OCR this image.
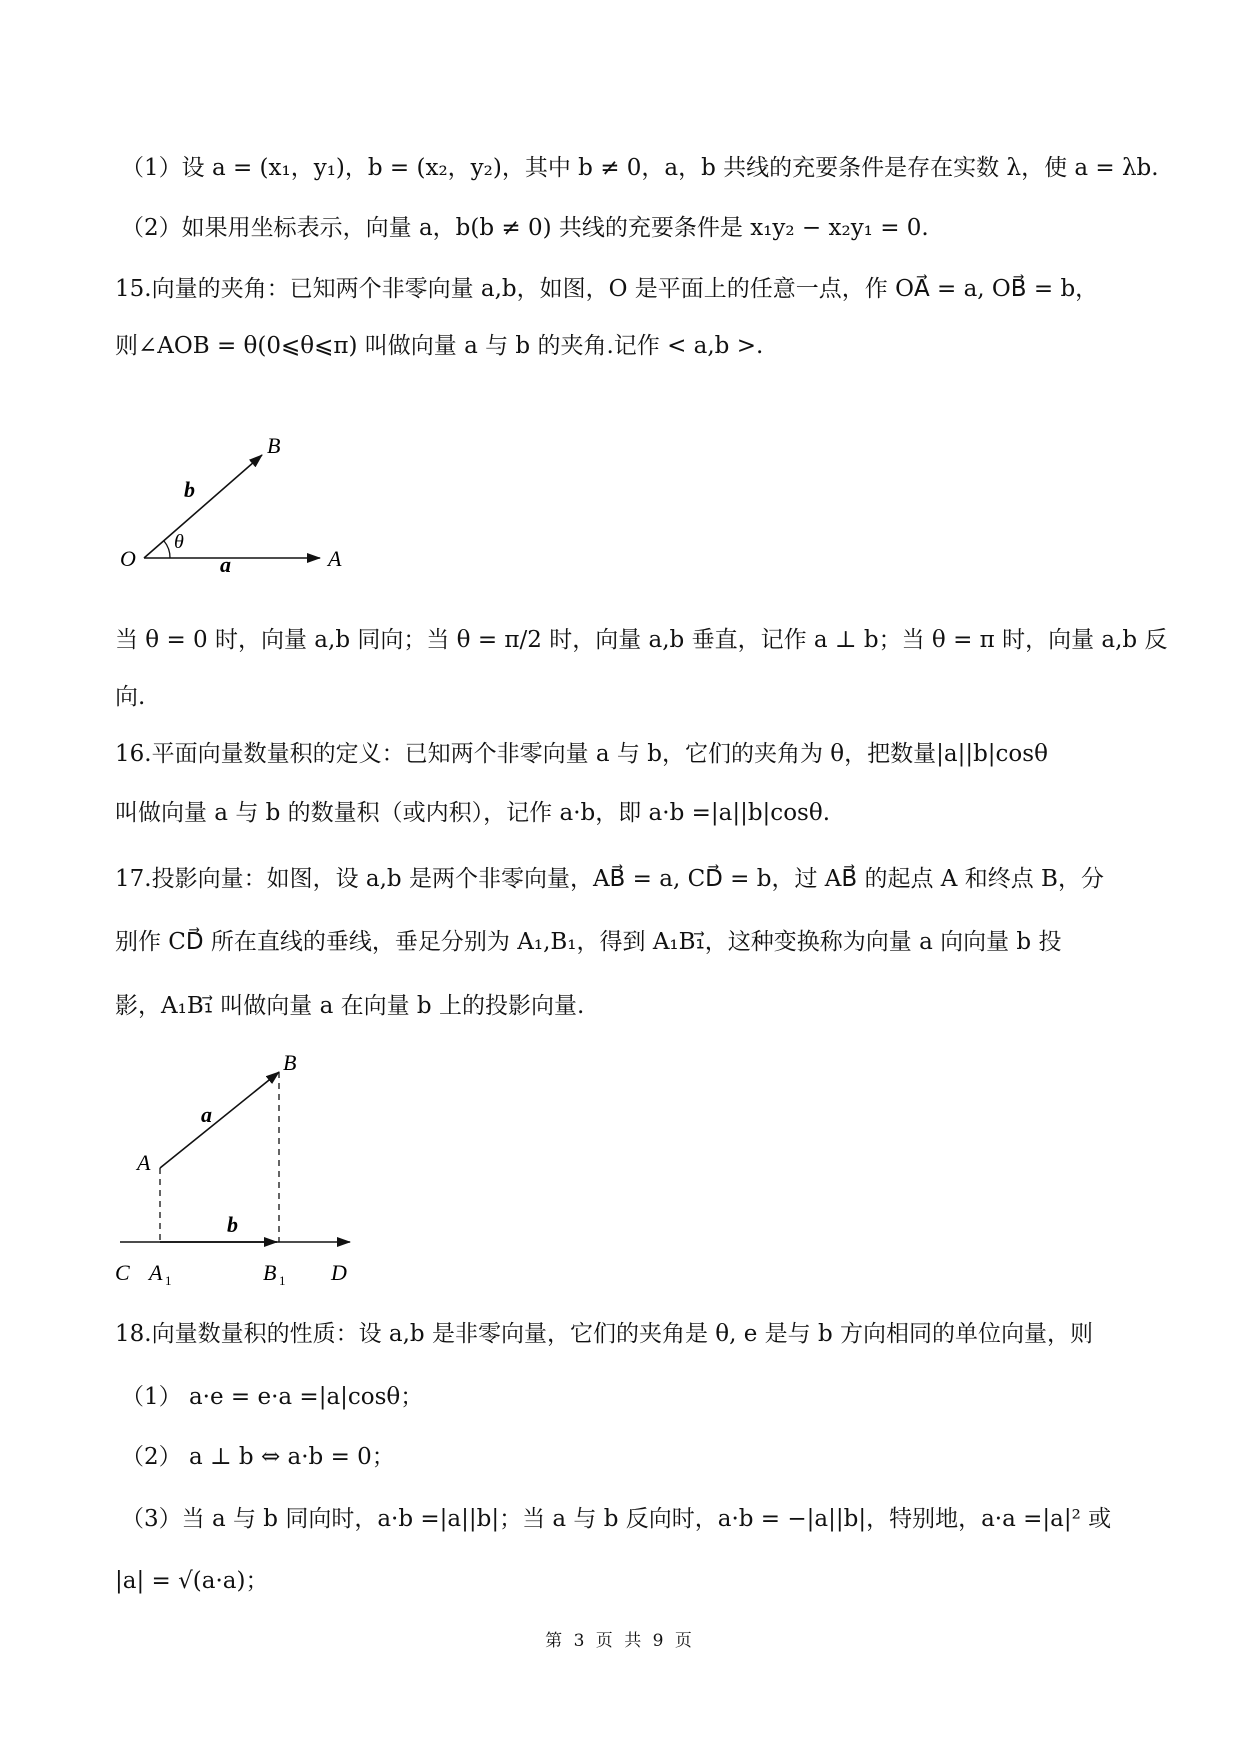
（1）设 a = (x₁，y₁)，b = (x₂，y₂)，其中 b ≠ 0，a，b 共线的充要条件是存在实数 λ，使 a = λb.
（2）如果用坐标表示，向量 a，b(b ≠ 0) 共线的充要条件是 x₁y₂ − x₂y₁ = 0.
15.向量的夹角：已知两个非零向量 a,b，如图，O 是平面上的任意一点，作 OA⃗ = a, OB⃗ = b，
则∠AOB = θ(0⩽θ⩽π) 叫做向量 a 与 b 的夹角.记作 < a,b >.
O	A
B
a
b
θ
当 θ = 0 时，向量 a,b 同向；当 θ = π/2 时，向量 a,b 垂直，记作 a ⊥ b；当 θ = π 时，向量 a,b 反
向.
16.平面向量数量积的定义：已知两个非零向量 a 与 b，它们的夹角为 θ，把数量|a||b|cosθ
叫做向量 a 与 b 的数量积（或内积），记作 a·b，即 a·b =|a||b|cosθ.
17.投影向量：如图，设 a,b 是两个非零向量，AB⃗ = a, CD⃗ = b，过 AB⃗ 的起点 A 和终点 B，分
别作 CD⃗ 所在直线的垂线，垂足分别为 A₁,B₁，得到 A₁B₁⃗，这种变换称为向量 a 向向量 b 投
影，A₁B₁⃗ 叫做向量 a 在向量 b 上的投影向量.
A
B
C	D
A 1	B 1
a
b
18.向量数量积的性质：设 a,b 是非零向量，它们的夹角是 θ, e 是与 b 方向相同的单位向量，则
（1） a·e = e·a =|a|cosθ；
（2） a ⊥ b ⇔ a·b = 0；
（3）当 a 与 b 同向时，a·b =|a||b|；当 a 与 b 反向时，a·b = −|a||b|，特别地，a·a =|a|² 或
|a| = √(a·a)；
第 3 页 共 9 页
